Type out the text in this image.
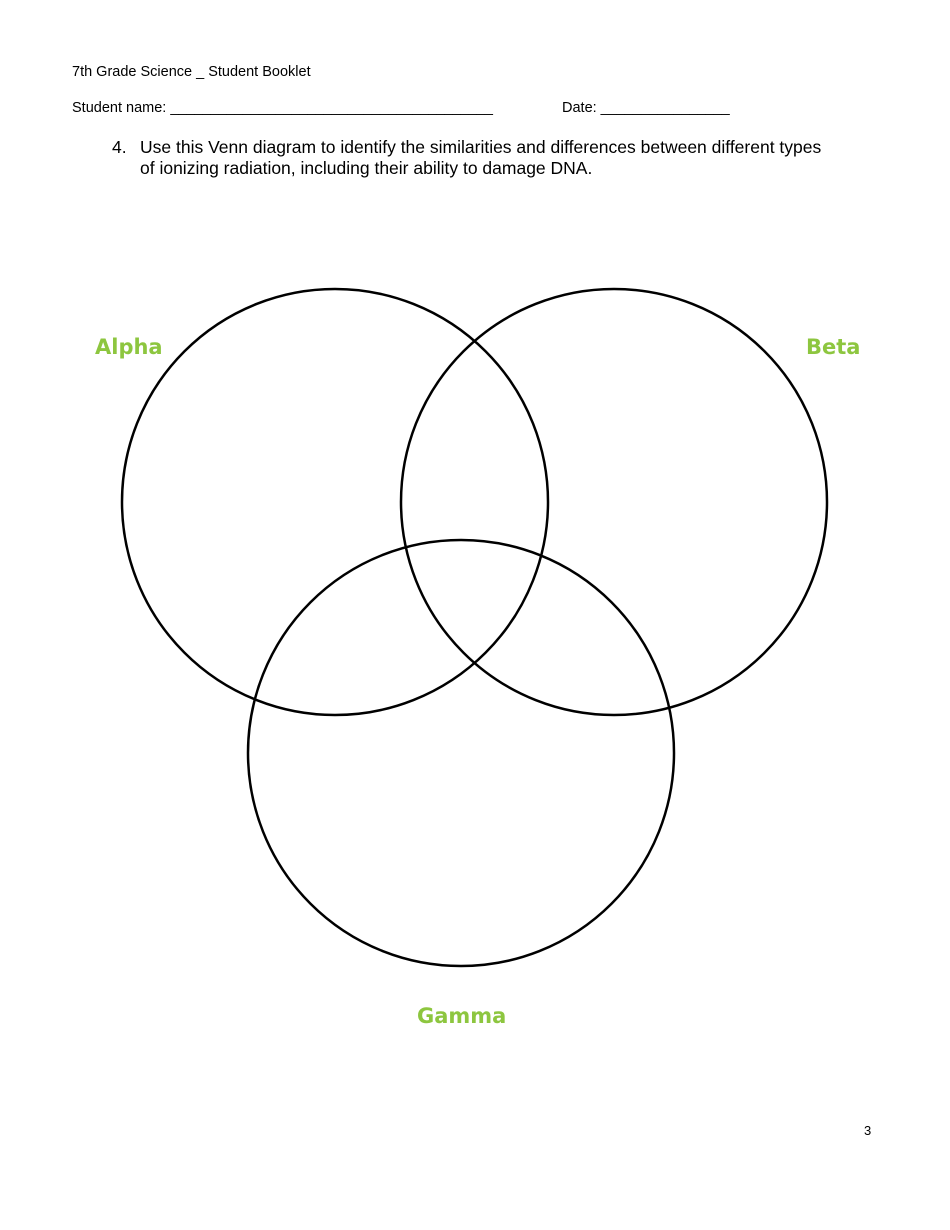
7th Grade Science _ Student Booklet
Student name: ________________________________________	Date: ________________
4. Use this Venn diagram to identify the similarities and differences between different types of ionizing radiation, including their ability to damage DNA.
Alpha	Beta
Gamma
3
